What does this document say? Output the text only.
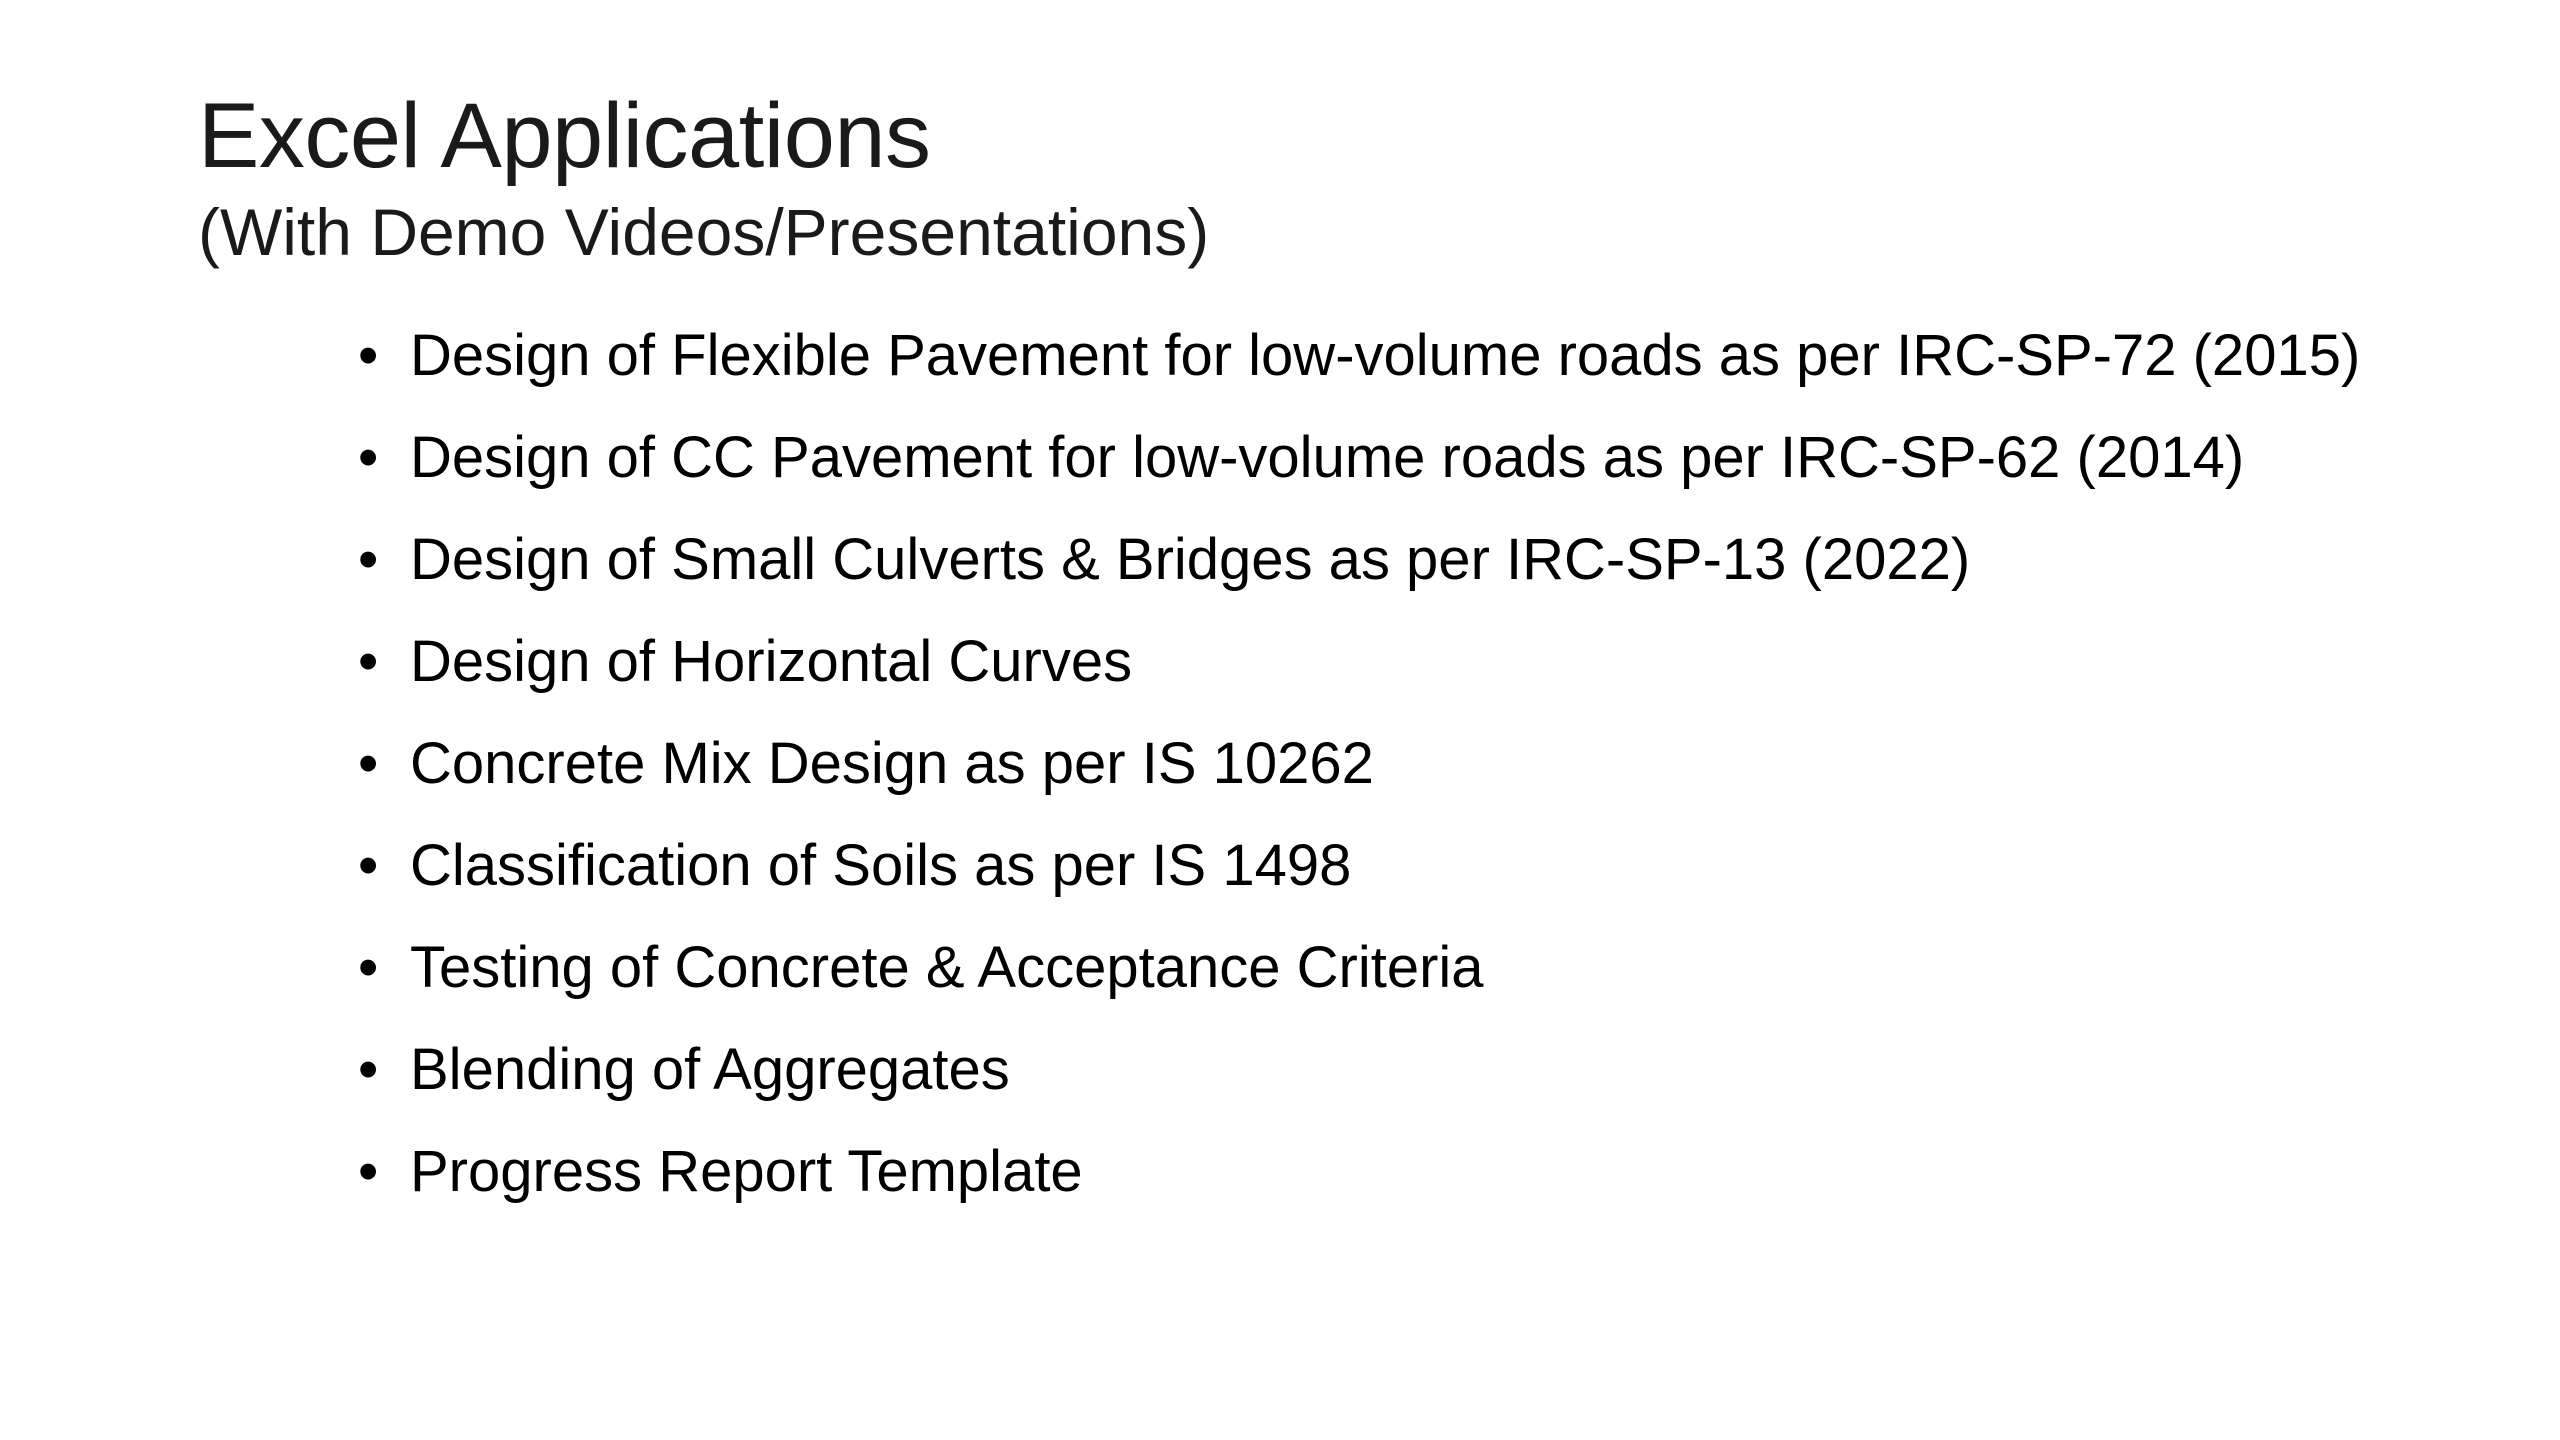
Excel Applications
(With Demo Videos/Presentations)
• Design of Flexible Pavement for low-volume roads as per IRC-SP-72 (2015)
• Design of CC Pavement for low-volume roads as per IRC-SP-62 (2014)
• Design of Small Culverts & Bridges as per IRC-SP-13 (2022)
• Design of Horizontal Curves
• Concrete Mix Design as per IS 10262
• Classification of Soils as per IS 1498
• Testing of Concrete & Acceptance Criteria
• Blending of Aggregates
• Progress Report Template
